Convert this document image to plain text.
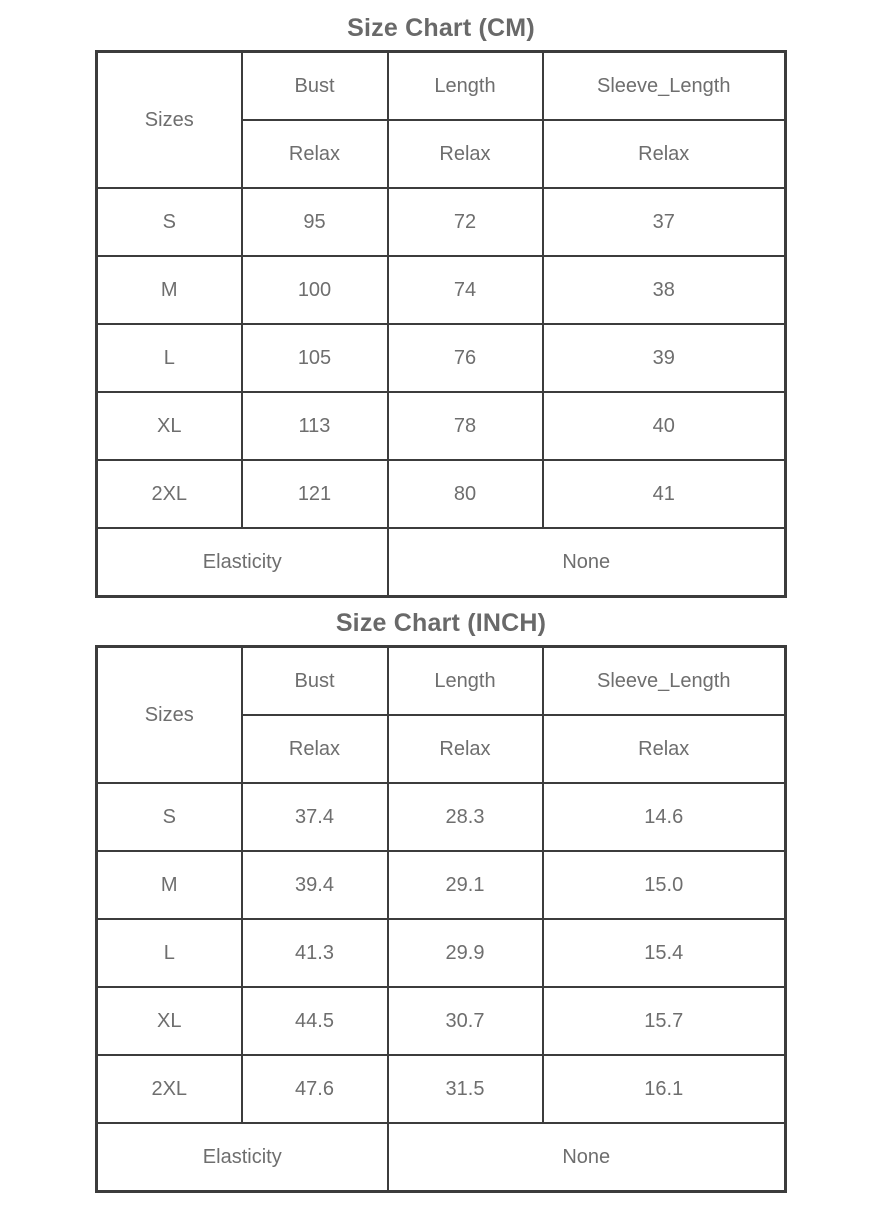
Size Chart (CM)
Sizes	Bust	Length	Sleeve_Length
	Relax	Relax	Relax
S	95	72	37
M	100	74	38
L	105	76	39
XL	113	78	40
2XL	121	80	41
Elasticity		None	
Size Chart (INCH)
Sizes	Bust	Length	Sleeve_Length
	Relax	Relax	Relax
S	37.4	28.3	14.6
M	39.4	29.1	15.0
L	41.3	29.9	15.4
XL	44.5	30.7	15.7
2XL	47.6	31.5	16.1
Elasticity		None	
